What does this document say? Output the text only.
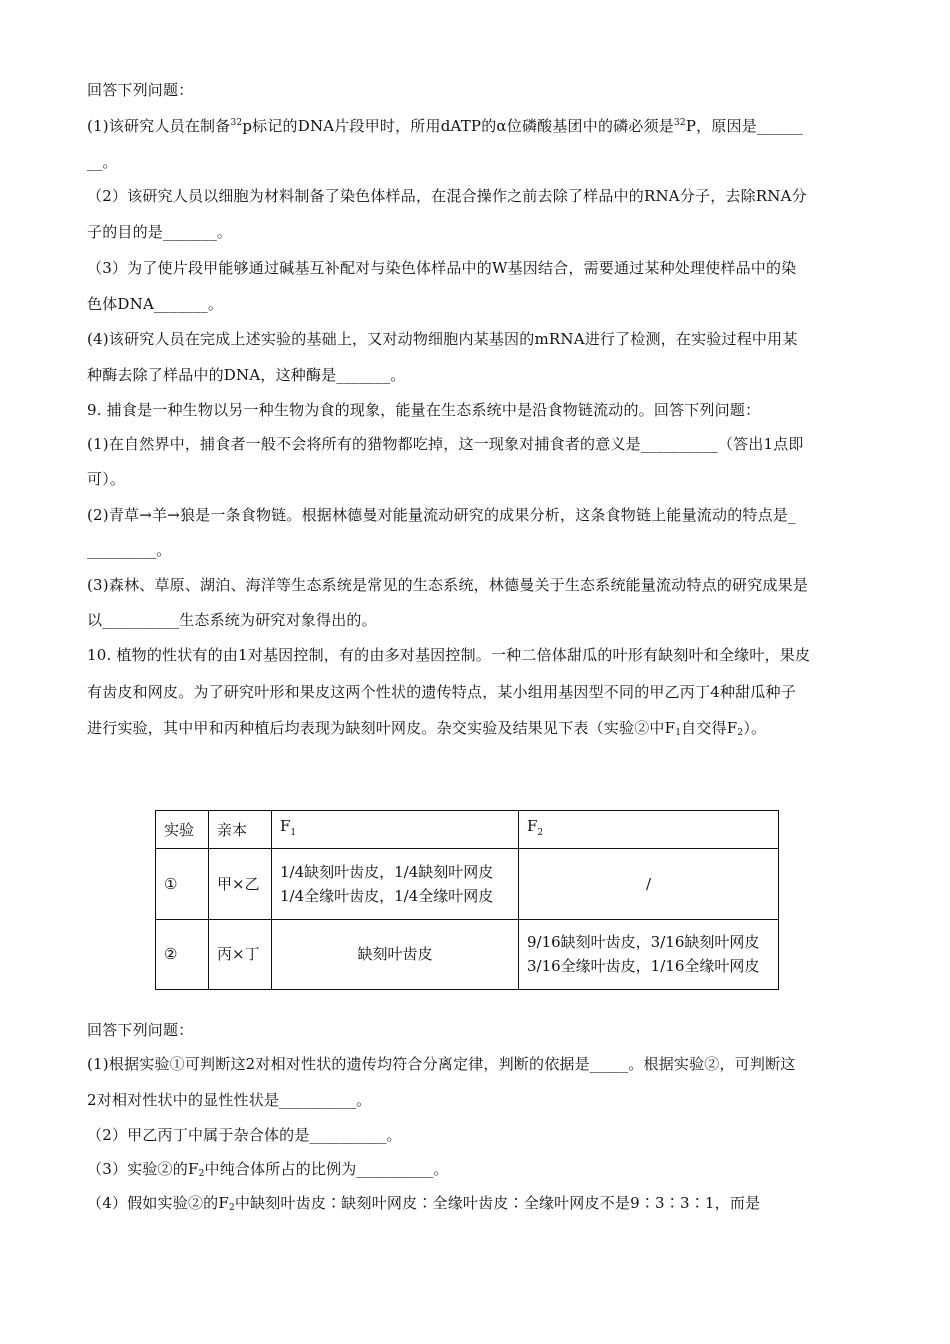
回答下列问题：
(1)该研究人员在制备$^{32}$p标记的DNA片段甲时，所用dATP的α位磷酸基团中的磷必须是$^{32}$P，原因是______
__。
（2）该研究人员以细胞为材料制备了染色体样品，在混合操作之前去除了样品中的RNA分子，去除RNA分
子的目的是_______。
（3）为了使片段甲能够通过碱基互补配对与染色体样品中的W基因结合，需要通过某种处理使样品中的染
色体DNA_______。
(4)该研究人员在完成上述实验的基础上，又对动物细胞内某基因的mRNA进行了检测，在实验过程中用某
种酶去除了样品中的DNA，这种酶是_______。
9. 捕食是一种生物以另一种生物为食的现象，能量在生态系统中是沿食物链流动的。回答下列问题：
(1)在自然界中，捕食者一般不会将所有的猎物都吃掉，这一现象对捕食者的意义是__________（答出1点即
可）。
(2)青草→羊→狼是一条食物链。根据林德曼对能量流动研究的成果分析，这条食物链上能量流动的特点是_
_________。
(3)森林、草原、湖泊、海洋等生态系统是常见的生态系统，林德曼关于生态系统能量流动特点的研究成果是
以__________生态系统为研究对象得出的。
10. 植物的性状有的由1对基因控制，有的由多对基因控制。一种二倍体甜瓜的叶形有缺刻叶和全缘叶，果皮
有齿皮和网皮。为了研究叶形和果皮这两个性状的遗传特点，某小组用基因型不同的甲乙丙丁4种甜瓜种子
进行实验，其中甲和丙种植后均表现为缺刻叶网皮。杂交实验及结果见下表（实验②中$F_1$自交得$F_2$）。
实验	亲本	$F_1$	$F_2$
①	甲×乙	1/4缺刻叶齿皮，1/4缺刻叶网皮
1/4全缘叶齿皮，1/4全缘叶网皮	/
②	丙×丁	缺刻叶齿皮	9/16缺刻叶齿皮，3/16缺刻叶网皮
3/16全缘叶齿皮，1/16全缘叶网皮
回答下列问题：
(1)根据实验①可判断这2对相对性状的遗传均符合分离定律，判断的依据是_____。根据实验②，可判断这
2对相对性状中的显性性状是__________。
（2）甲乙丙丁中属于杂合体的是__________。
（3）实验②的$F_2$中纯合体所占的比例为__________。
（4）假如实验②的$F_2$中缺刻叶齿皮∶缺刻叶网皮∶全缘叶齿皮∶全缘叶网皮不是9∶3∶3∶1，而是
